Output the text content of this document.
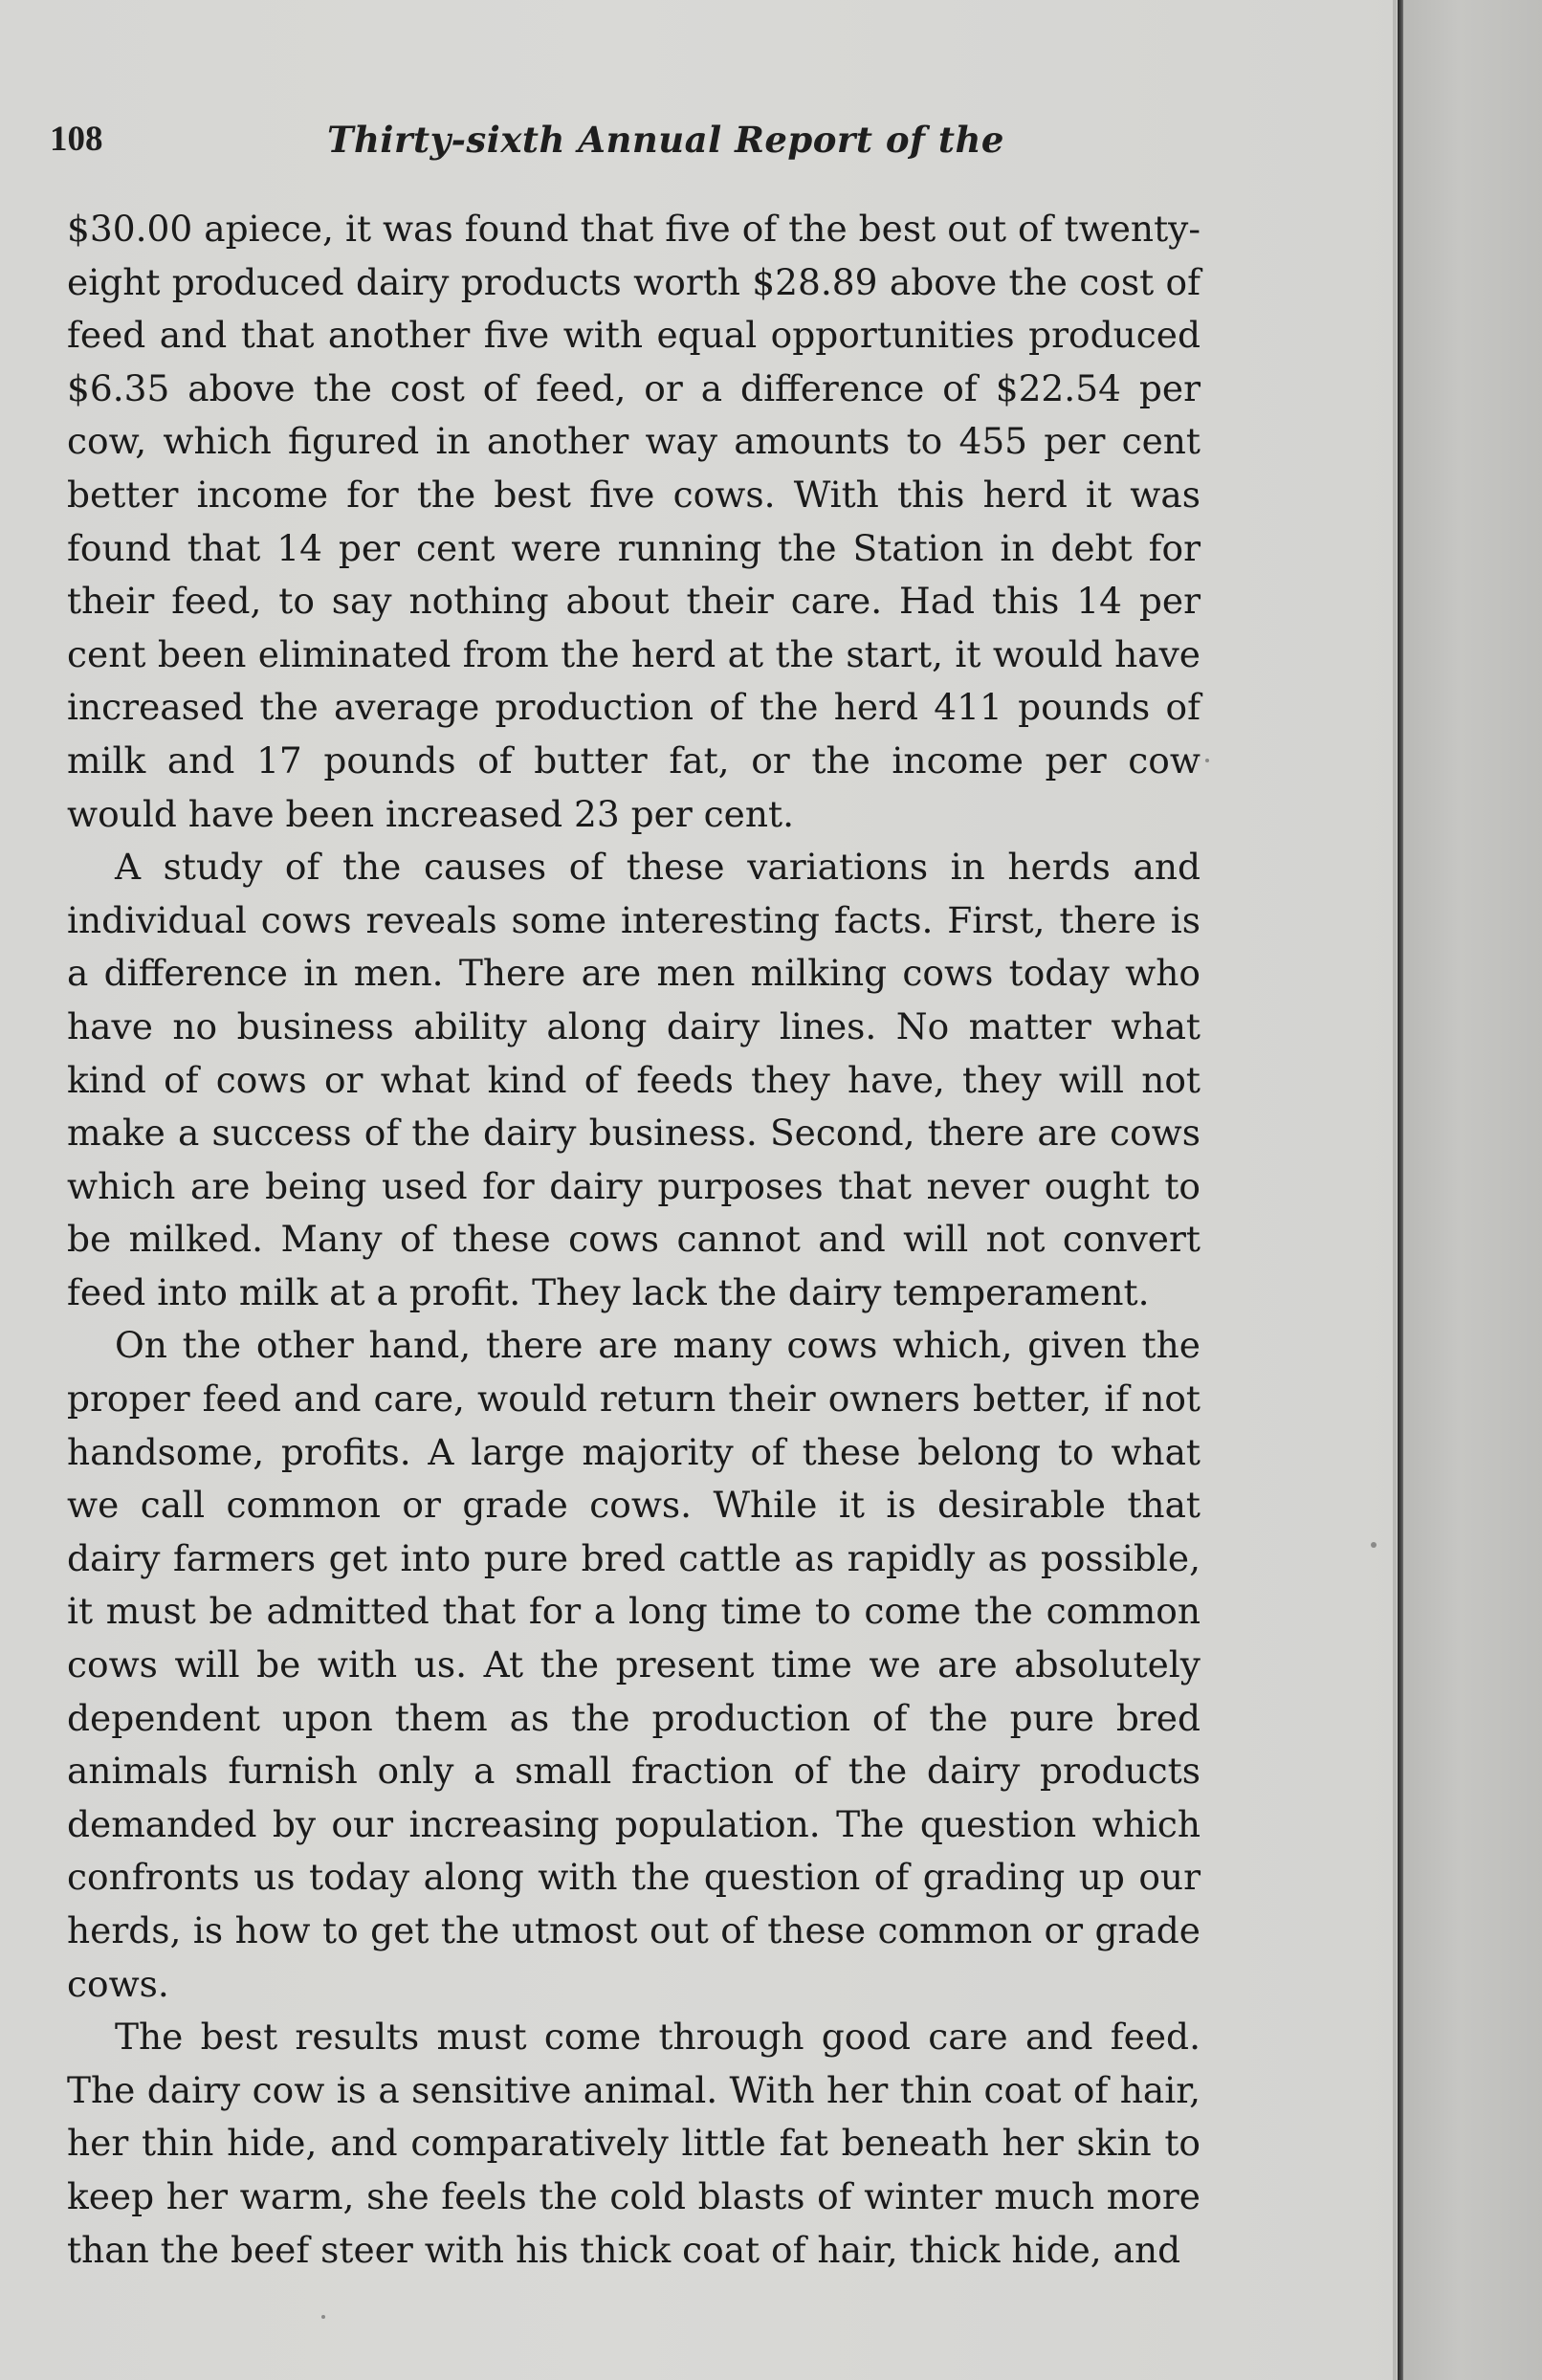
108	Thirty-sixth Annual Report of the

$30.00 apiece, it was found that five of the best out of twenty-eight produced dairy products worth $28.89 above the cost of feed and that another five with equal opportunities produced $6.35 above the cost of feed, or a difference of $22.54 per cow, which figured in another way amounts to 455 per cent better income for the best five cows. With this herd it was found that 14 per cent were running the Station in debt for their feed, to say nothing about their care. Had this 14 per cent been eliminated from the herd at the start, it would have increased the average production of the herd 411 pounds of milk and 17 pounds of butter fat, or the income per cow would have been increased 23 per cent.

A study of the causes of these variations in herds and individual cows reveals some interesting facts. First, there is a difference in men. There are men milking cows today who have no business ability along dairy lines. No matter what kind of cows or what kind of feeds they have, they will not make a success of the dairy business. Second, there are cows which are being used for dairy purposes that never ought to be milked. Many of these cows cannot and will not convert feed into milk at a profit. They lack the dairy temperament.

On the other hand, there are many cows which, given the proper feed and care, would return their owners better, if not handsome, profits. A large majority of these belong to what we call common or grade cows. While it is desirable that dairy farmers get into pure bred cattle as rapidly as possible, it must be admitted that for a long time to come the common cows will be with us. At the present time we are absolutely dependent upon them as the production of the pure bred animals furnish only a small fraction of the dairy products demanded by our increasing population. The question which confronts us today along with the question of grading up our herds, is how to get the utmost out of these common or grade cows.

The best results must come through good care and feed. The dairy cow is a sensitive animal. With her thin coat of hair, her thin hide, and comparatively little fat beneath her skin to keep her warm, she feels the cold blasts of winter much more than the beef steer with his thick coat of hair, thick hide, and
